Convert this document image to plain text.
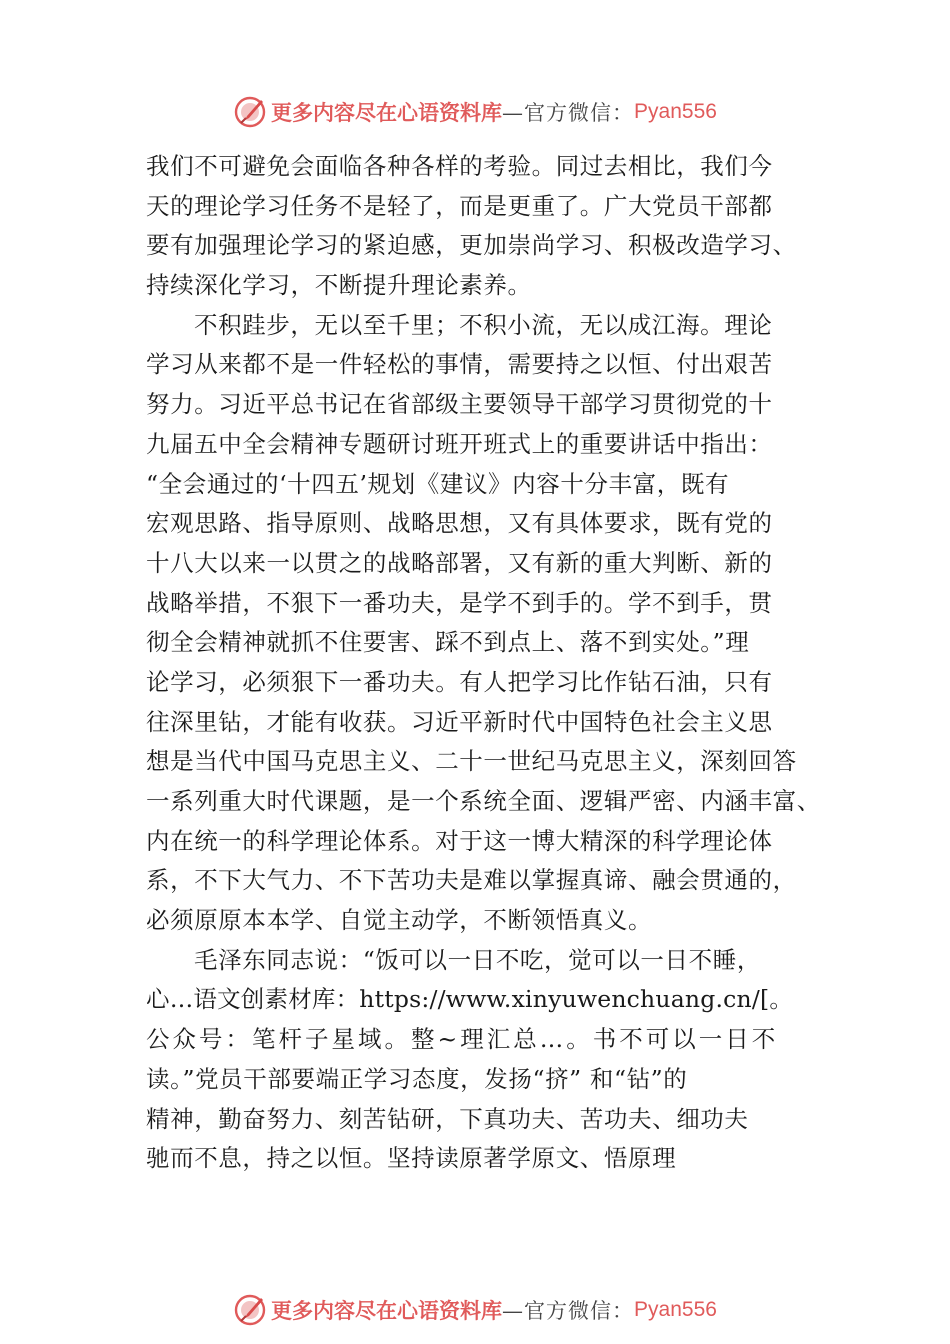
更多内容尽在心语资料库 —官方微信： Pyan556
我们不可避免会面临各种各样的考验。同过去相比，我们今
天的理论学习任务不是轻了，而是更重了。广大党员干部都
要有加强理论学习的紧迫感，更加崇尚学习、积极改造学习、
持续深化学习，不断提升理论素养。
不积跬步，无以至千里；不积小流，无以成江海。理论
学习从来都不是一件轻松的事情，需要持之以恒、付出艰苦
努力。习近平总书记在省部级主要领导干部学习贯彻党的十
九届五中全会精神专题研讨班开班式上的重要讲话中指出：
“全会通过的‘十四五’规划《建议》内容十分丰富，既有
宏观思路、指导原则、战略思想，又有具体要求，既有党的
十八大以来一以贯之的战略部署，又有新的重大判断、新的
战略举措，不狠下一番功夫，是学不到手的。学不到手，贯
彻全会精神就抓不住要害、踩不到点上、落不到实处。”理
论学习，必须狠下一番功夫。有人把学习比作钻石油，只有
往深里钻，才能有收获。习近平新时代中国特色社会主义思
想是当代中国马克思主义、二十一世纪马克思主义，深刻回答
一系列重大时代课题，是一个系统全面、逻辑严密、内涵丰富、
内在统一的科学理论体系。对于这一博大精深的科学理论体
系，不下大气力、不下苦功夫是难以掌握真谛、融会贯通的，
必须原原本本学、自觉主动学，不断领悟真义。
毛泽东同志说：“饭可以一日不吃，觉可以一日不睡，
心…语文创素材库：https://www.xinyuwenchuang.cn/[。
公众号：笔杆子星域。整~理汇总…。书不可以一日不
读。”党员干部要端正学习态度，发扬“挤” 和“钻”的
精神，勤奋努力、刻苦钻研，下真功夫、苦功夫、细功夫
驰而不息，持之以恒。坚持读原著学原文、悟原理
更多内容尽在心语资料库 —官方微信： Pyan556
